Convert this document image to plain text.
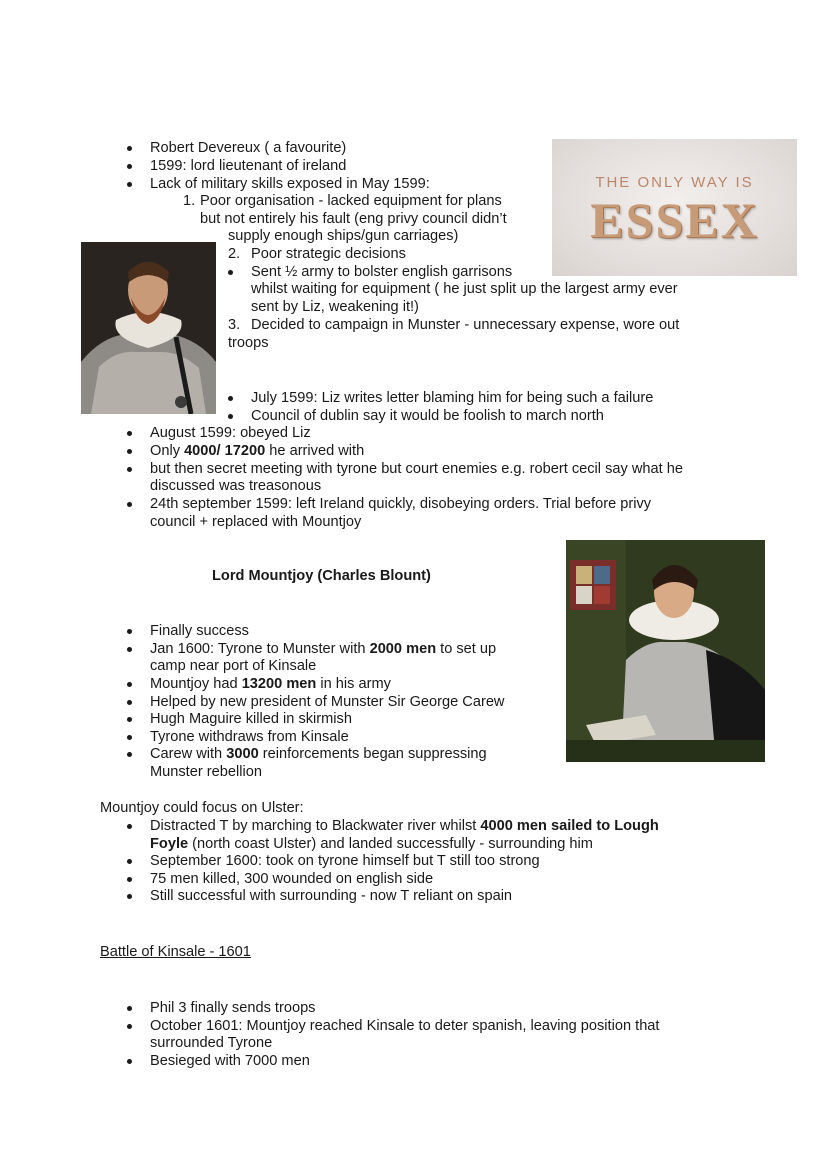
Robert Devereux ( a favourite)
1599: lord lieutenant of ireland
Lack of military skills exposed in May 1599:
1. Poor organisation - lacked equipment for plans
but not entirely his fault (eng privy council didn’t
supply enough ships/gun carriages)
2. Poor strategic decisions
Sent ½ army to bolster english garrisons
whilst waiting for equipment ( he just split up the largest army ever
sent by Liz, weakening it!)
3. Decided to campaign in Munster - unnecessary expense, wore out
troops
July 1599: Liz writes letter blaming him for being such a failure
Council of dublin say it would be foolish to march north
August 1599: obeyed Liz
Only 4000/ 17200 he arrived with
but then secret meeting with tyrone but court enemies e.g. robert cecil say what he
discussed was treasonous
24th september 1599: left Ireland quickly, disobeying orders. Trial before privy
council + replaced with Mountjoy
THE ONLY WAY IS
ESSEX
Lord Mountjoy (Charles Blount)
Finally success
Jan 1600: Tyrone to Munster with 2000 men to set up
camp near port of Kinsale
Mountjoy had 13200 men in his army
Helped by new president of Munster Sir George Carew
Hugh Maguire killed in skirmish
Tyrone withdraws from Kinsale
Carew with 3000 reinforcements began suppressing
Munster rebellion
Mountjoy could focus on Ulster:
Distracted T by marching to Blackwater river whilst 4000 men sailed to Lough
Foyle (north coast Ulster) and landed successfully - surrounding him
September 1600: took on tyrone himself but T still too strong
75 men killed, 300 wounded on english side
Still successful with surrounding - now T reliant on spain
Battle of Kinsale - 1601
Phil 3 finally sends troops
October 1601: Mountjoy reached Kinsale to deter spanish, leaving position that
surrounded Tyrone
Besieged with 7000 men
